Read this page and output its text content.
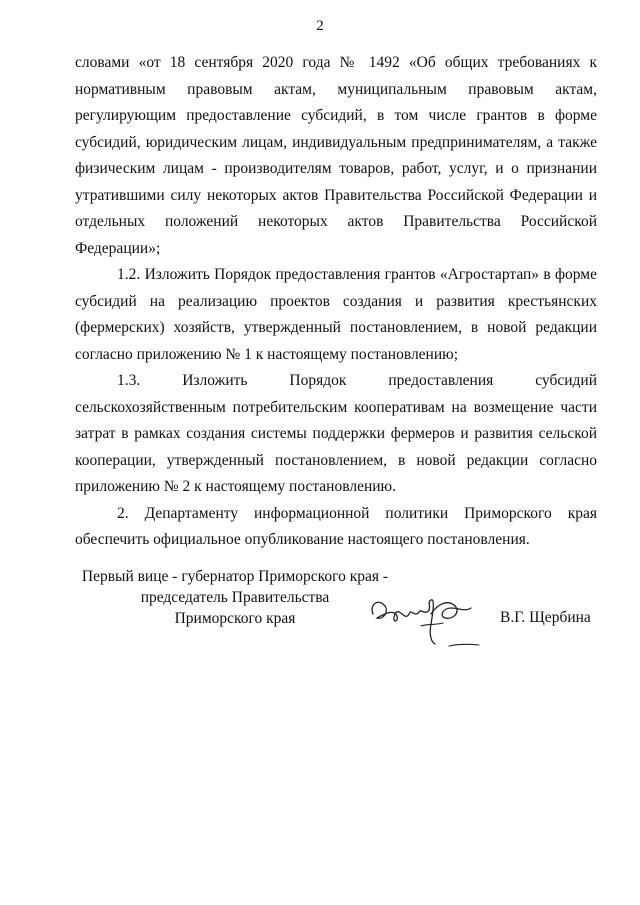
2

словами «от 18 сентября 2020 года № 1492 «Об общих требованиях к нормативным правовым актам, муниципальным правовым актам, регулирующим предоставление субсидий, в том числе грантов в форме субсидий, юридическим лицам, индивидуальным предпринимателям, а также физическим лицам - производителям товаров, работ, услуг, и о признании утратившими силу некоторых актов Правительства Российской Федерации и отдельных положений некоторых актов Правительства Российской Федерации»;

1.2. Изложить Порядок предоставления грантов «Агростартап» в форме субсидий на реализацию проектов создания и развития крестьянских (фермерских) хозяйств, утвержденный постановлением, в новой редакции согласно приложению № 1 к настоящему постановлению;

1.3. Изложить Порядок предоставления субсидий сельскохозяйственным потребительским кооперативам на возмещение части затрат в рамках создания системы поддержки фермеров и развития сельской кооперации, утвержденный постановлением, в новой редакции согласно приложению № 2 к настоящему постановлению.

2. Департаменту информационной политики Приморского края обеспечить официальное опубликование настоящего постановления.

Первый вице - губернатор Приморского края -
председатель Правительства
Приморского края	В.Г. Щербина
